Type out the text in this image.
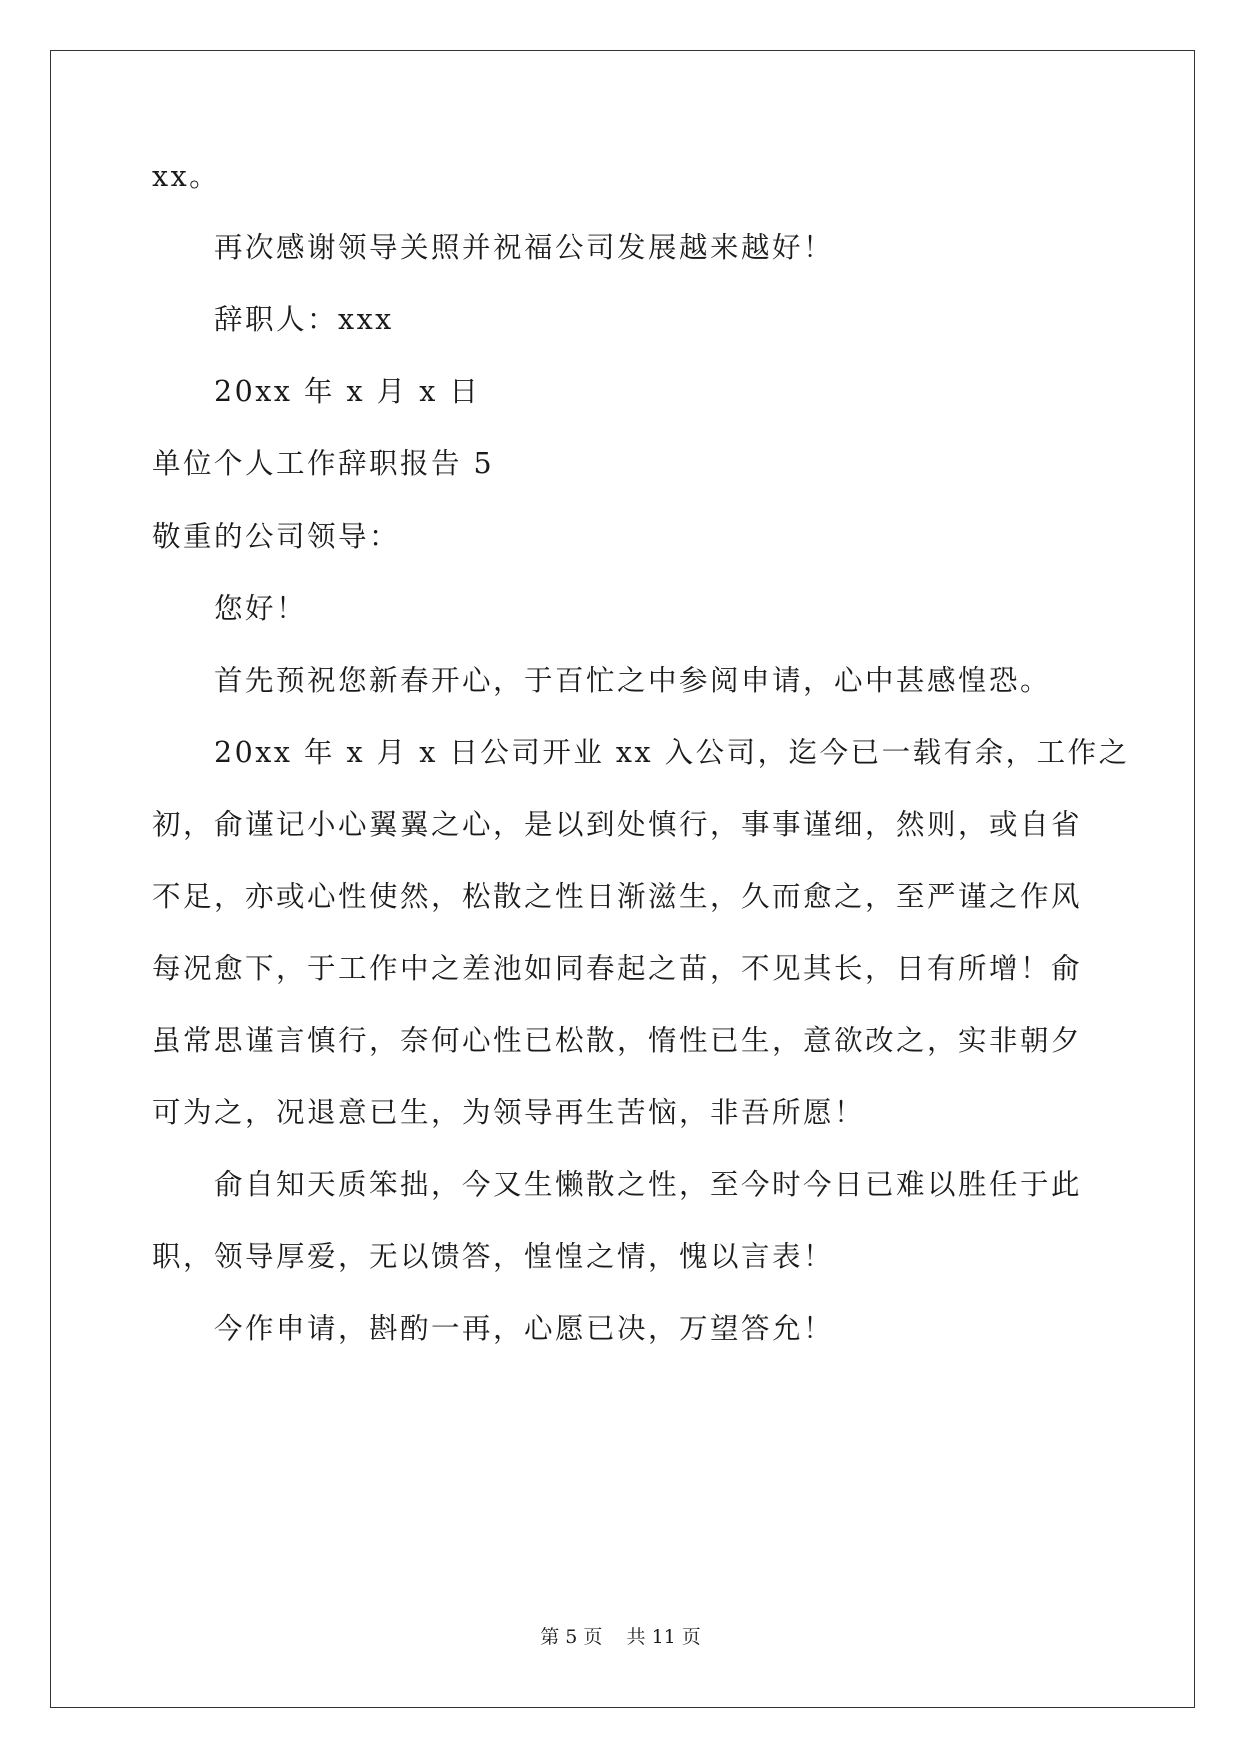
xx。
再次感谢领导关照并祝福公司发展越来越好！
辞职人：xxx
20xx 年 x 月 x 日
单位个人工作辞职报告 5
敬重的公司领导：
您好！
首先预祝您新春开心，于百忙之中参阅申请，心中甚感惶恐。
20xx 年 x 月 x 日公司开业 xx 入公司，迄今已一载有余，工作之
初，俞谨记小心翼翼之心，是以到处慎行，事事谨细，然则，或自省
不足，亦或心性使然，松散之性日渐滋生，久而愈之，至严谨之作风
每况愈下，于工作中之差池如同春起之苗，不见其长，日有所增！俞
虽常思谨言慎行，奈何心性已松散，惰性已生，意欲改之，实非朝夕
可为之，况退意已生，为领导再生苦恼，非吾所愿！
俞自知天质笨拙，今又生懒散之性，至今时今日已难以胜任于此
职，领导厚爱，无以馈答，惶惶之情，愧以言表！
今作申请，斟酌一再，心愿已决，万望答允！
第 5 页    共 11 页
